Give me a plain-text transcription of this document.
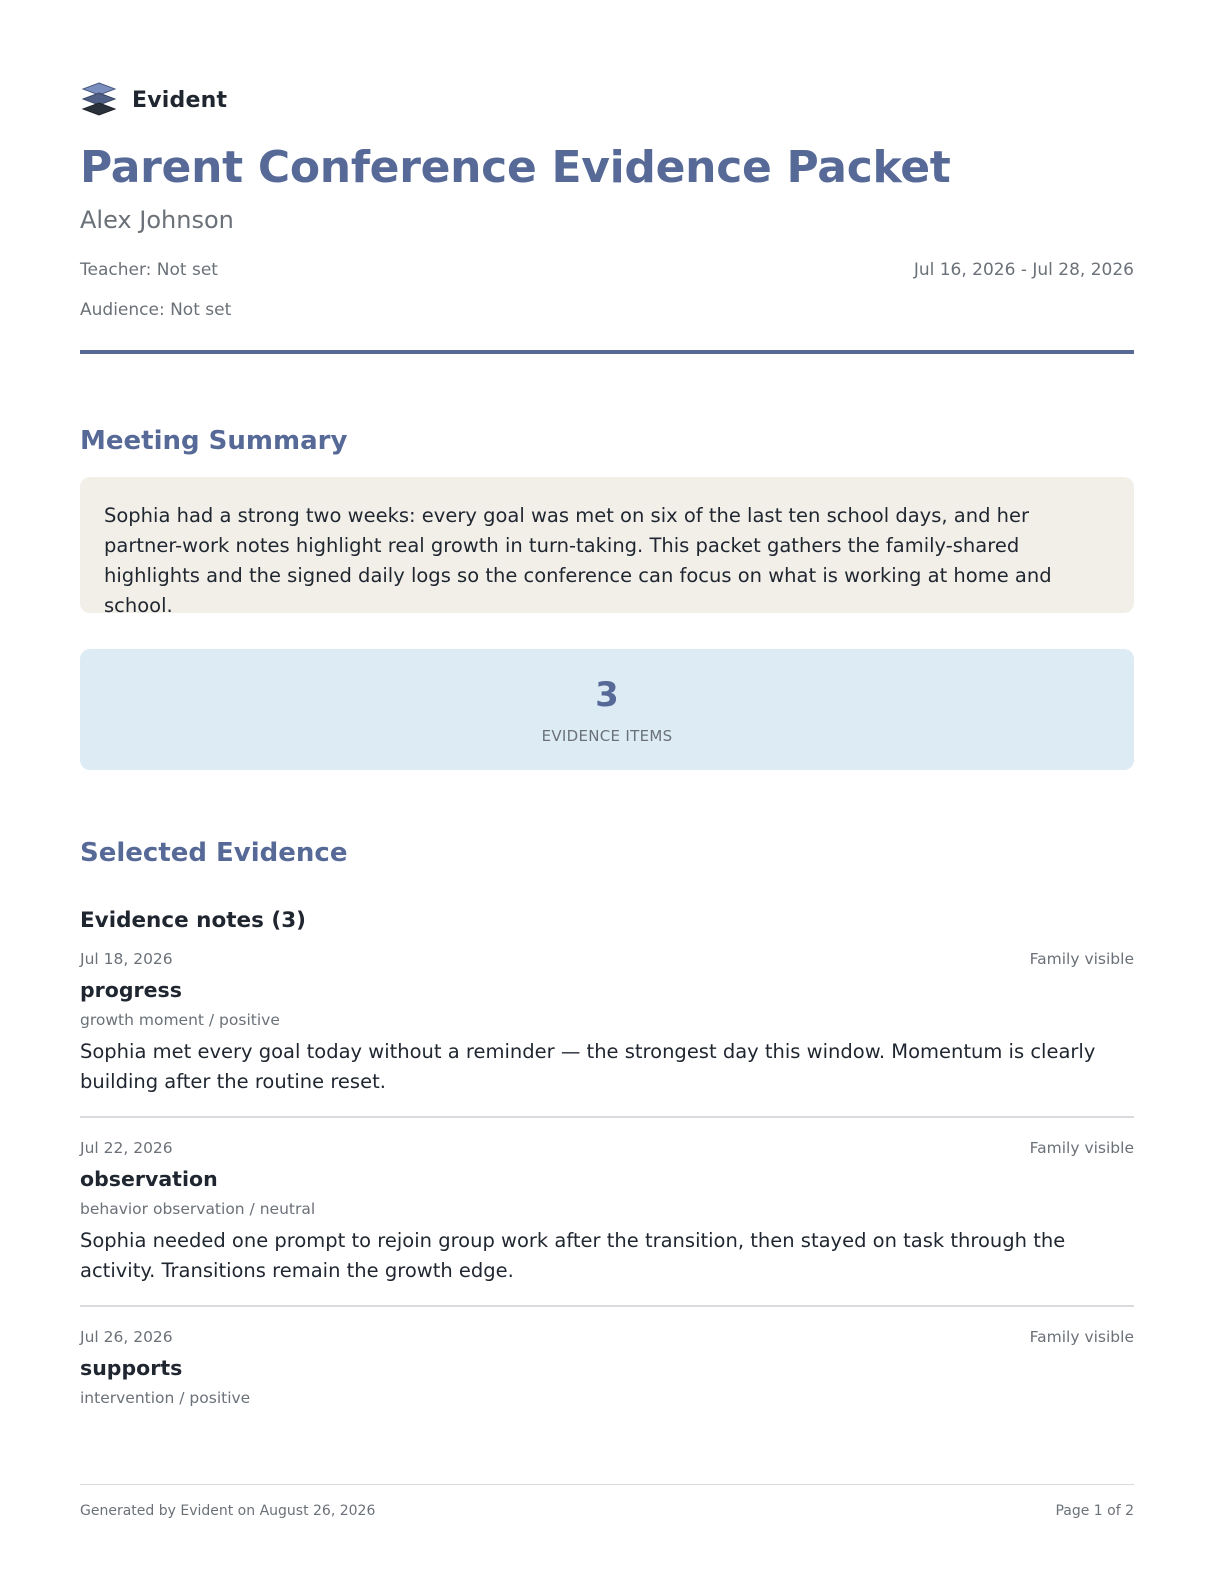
Evident
Parent Conference Evidence Packet
Alex Johnson
Teacher: Not set
Audience: Not set
Jul 16, 2026 - Jul 28, 2026
Meeting Summary
Sophia had a strong two weeks: every goal was met on six of the last ten school days, and her partner-work notes highlight real growth in turn-taking. This packet gathers the family-shared highlights and the signed daily logs so the conference can focus on what is working at home and school.
3
EVIDENCE ITEMS
Selected Evidence
Evidence notes (3)
Jul 18, 2026	Family visible
progress
growth moment / positive
Sophia met every goal today without a reminder — the strongest day this window. Momentum is clearly building after the routine reset.
Jul 22, 2026	Family visible
observation
behavior observation / neutral
Sophia needed one prompt to rejoin group work after the transition, then stayed on task through the activity. Transitions remain the growth edge.
Jul 26, 2026	Family visible
supports
intervention / positive
Generated by Evident on August 26, 2026	Page 1 of 2
